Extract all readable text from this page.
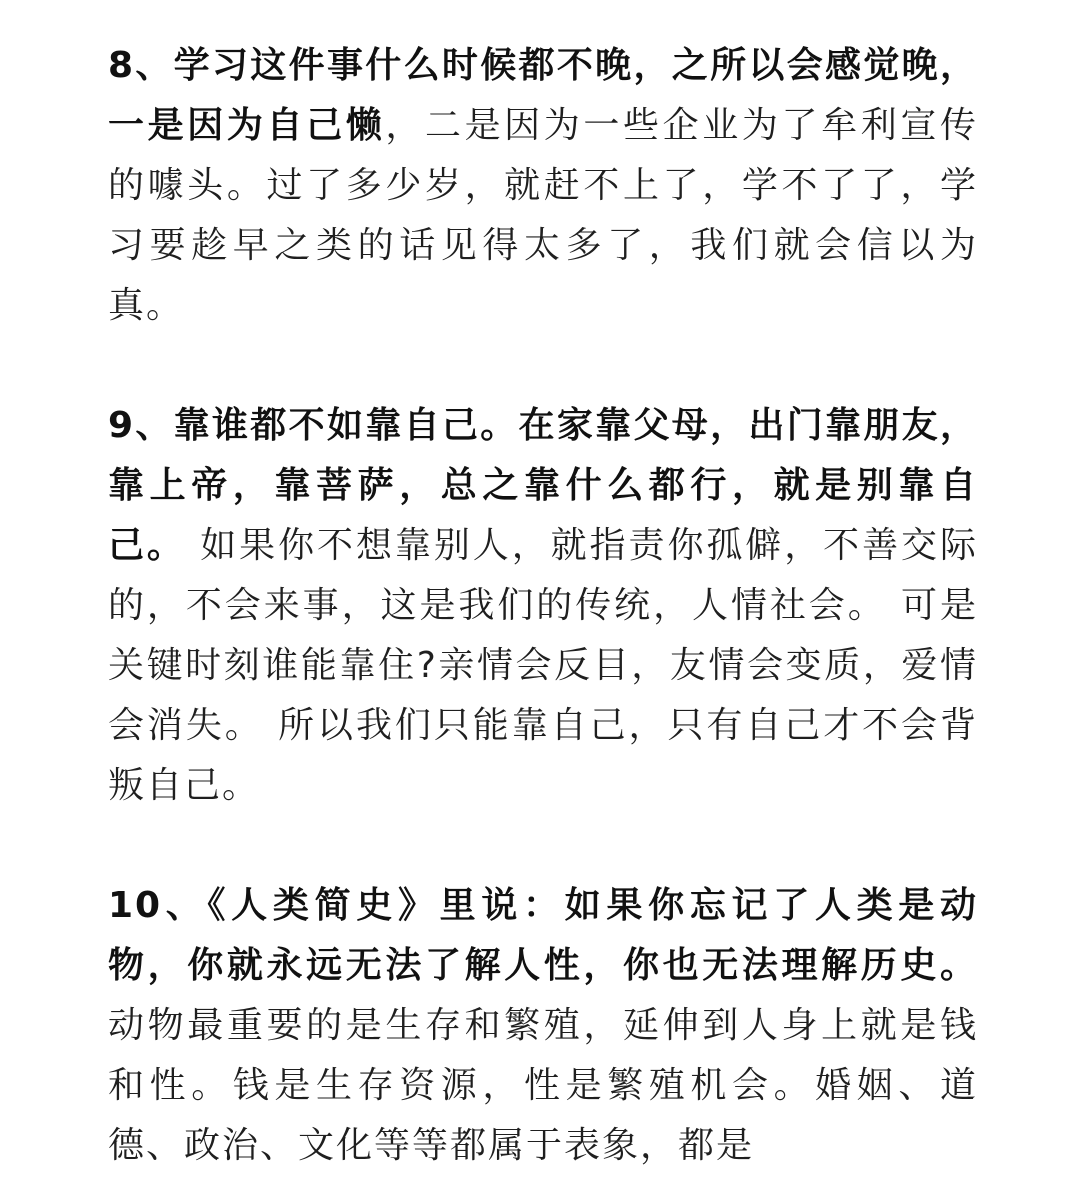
8、学习这件事什么时候都不晚，之所以会感觉晚，一是因为自己懒，二是因为一些企业为了牟利宣传的噱头。过了多少岁，就赶不上了，学不了了，学习要趁早之类的话见得太多了，我们就会信以为真。

9、靠谁都不如靠自己。在家靠父母，出门靠朋友，靠上帝，靠菩萨，总之靠什么都行，就是别靠自己。 如果你不想靠别人，就指责你孤僻，不善交际的，不会来事，这是我们的传统，人情社会。 可是关键时刻谁能靠住?亲情会反目，友情会变质，爱情会消失。 所以我们只能靠自己，只有自己才不会背叛自己。

10、《人类简史》里说：如果你忘记了人类是动物，你就永远无法了解人性，你也无法理解历史。 动物最重要的是生存和繁殖，延伸到人身上就是钱和性。钱是生存资源，性是繁殖机会。婚姻、道德、政治、文化等等都属于表象，都是
